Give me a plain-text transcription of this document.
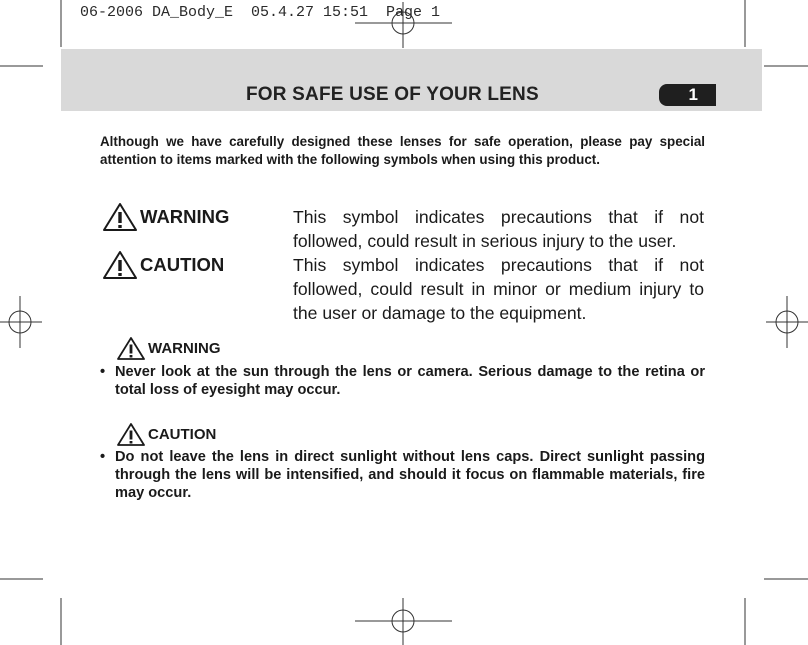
06-2006 DA_Body_E  05.4.27 15:51  Page 1
FOR SAFE USE OF YOUR LENS	1
Although we have carefully designed these lenses for safe operation, please pay special attention to items marked with the following symbols when using this product.
WARNING	This symbol indicates precautions that if not followed, could result in serious injury to the user.
CAUTION	This symbol indicates precautions that if not followed, could result in minor or medium injury to the user or damage to the equipment.
WARNING
• Never look at the sun through the lens or camera. Serious damage to the retina or total loss of eyesight may occur.
CAUTION
• Do not leave the lens in direct sunlight without lens caps. Direct sunlight passing through the lens will be intensified, and should it focus on flammable materials, fire may occur.
